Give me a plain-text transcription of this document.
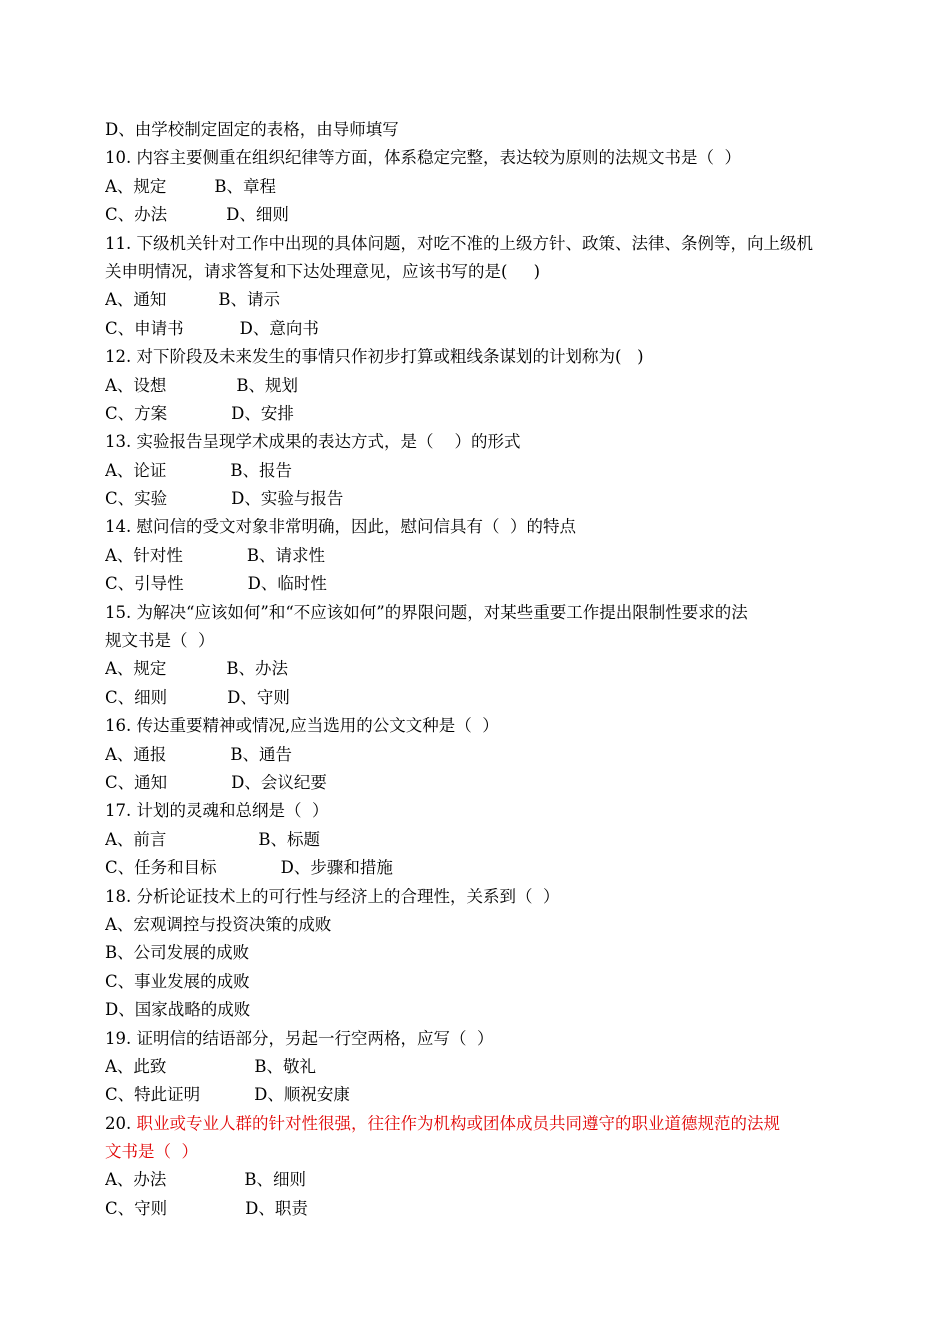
D、由学校制定固定的表格，由导师填写
10. 内容主要侧重在组织纪律等方面，体系稳定完整，表达较为原则的法规文书是（  ）
A、规定	B、章程
C、办法	D、细则
11. 下级机关针对工作中出现的具体问题，对吃不准的上级方针、政策、法律、条例等，向上级机
关申明情况，请求答复和下达处理意见，应该书写的是(     )
A、通知	B、请示
C、申请书	D、意向书
12. 对下阶段及未来发生的事情只作初步打算或粗线条谋划的计划称为(   )
A、设想	B、规划
C、方案	D、安排
13. 实验报告呈现学术成果的表达方式，是（    ）的形式
A、论证	B、报告
C、实验	D、实验与报告
14. 慰问信的受文对象非常明确，因此，慰问信具有（  ）的特点
A、针对性	B、请求性
C、引导性	D、临时性
15. 为解决“应该如何”和“不应该如何”的界限问题，对某些重要工作提出限制性要求的法
规文书是（  ）
A、规定	B、办法
C、细则	D、守则
16. 传达重要精神或情况,应当选用的公文文种是（  ）
A、通报	B、通告
C、通知	D、会议纪要
17. 计划的灵魂和总纲是（  ）
A、前言	B、标题
C、任务和目标	D、步骤和措施
18. 分析论证技术上的可行性与经济上的合理性，关系到（  ）
A、宏观调控与投资决策的成败
B、公司发展的成败
C、事业发展的成败
D、国家战略的成败
19. 证明信的结语部分，另起一行空两格，应写（  ）
A、此致	B、敬礼
C、特此证明	D、顺祝安康
20. 职业或专业人群的针对性很强，往往作为机构或团体成员共同遵守的职业道德规范的法规
文书是（  ）
A、办法	B、细则
C、守则	D、职责
